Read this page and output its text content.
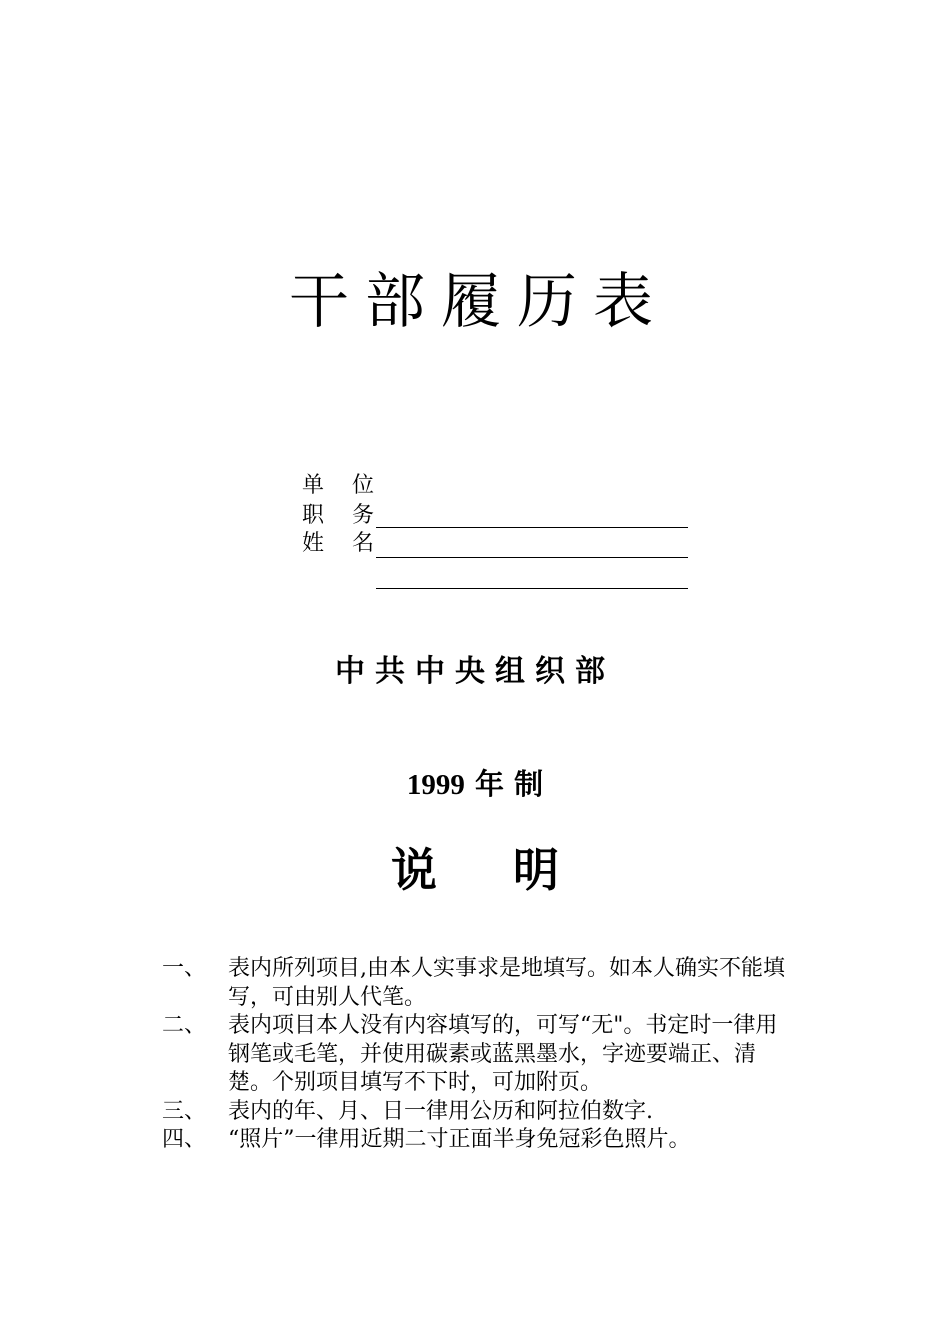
干部履历表
单 位
职 务
姓 名
中共中央组织部
1999 年 制
说 明
一、 表内所列项目,由本人实事求是地填写。如本人确实不能填写，可由别人代笔。
二、 表内项目本人没有内容填写的，可写“无"。书定时一律用钢笔或毛笔，并使用碳素或蓝黑墨水，字迹要端正、清楚。个别项目填写不下时，可加附页。
三、 表内的年、月、日一律用公历和阿拉伯数字.
四、 “照片”一律用近期二寸正面半身免冠彩色照片。
